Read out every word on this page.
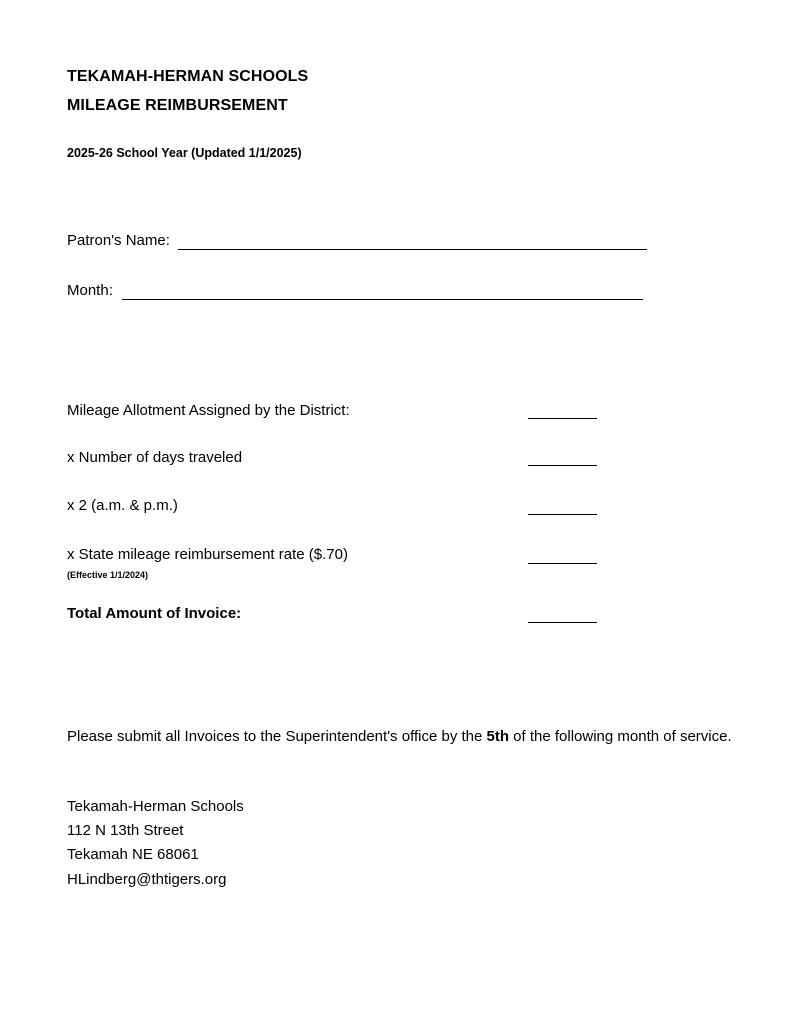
TEKAMAH-HERMAN SCHOOLS
MILEAGE REIMBURSEMENT
2025-26 School Year (Updated 1/1/2025)
Patron's Name:
Month:
Mileage Allotment Assigned by the District:
x Number of days traveled
x 2 (a.m. & p.m.)
x State mileage reimbursement rate ($.70)
(Effective 1/1/2024)
Total Amount of Invoice:
Please submit all Invoices to the Superintendent's office by the 5th of the following month of service.
Tekamah-Herman Schools
112 N 13th Street
Tekamah NE 68061
HLindberg@thtigers.org
